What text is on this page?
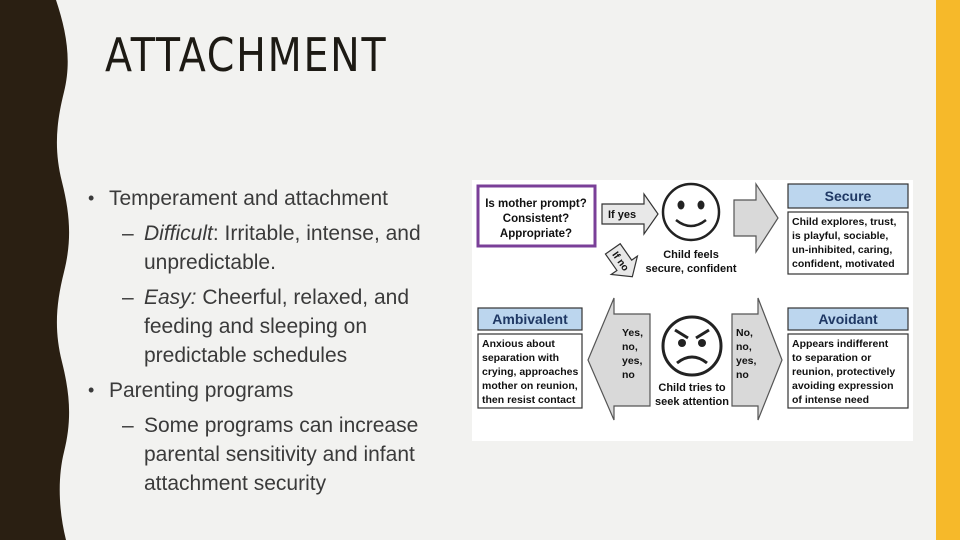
ATTACHMENT
• Temperament and attachment
– Difficult: Irritable, intense, and unpredictable.
– Easy: Cheerful, relaxed, and feeding and sleeping on predictable schedules
• Parenting programs
– Some programs can increase parental sensitivity and infant attachment security
Is mother prompt?
Consistent?
Appropriate?
If yes
If no	Child feels
secure, confident
Secure
Child explores, trust,
is playful, sociable,
un-inhibited, caring,
confident, motivated
Ambivalent
Anxious about
separation with
crying, approaches
mother on reunion,
then resist contact
Yes,
no,
yes,
no
Child tries to
seek attention
No,
no,
yes,
no
Avoidant
Appears indifferent
to separation or
reunion, protectively
avoiding expression
of intense need
